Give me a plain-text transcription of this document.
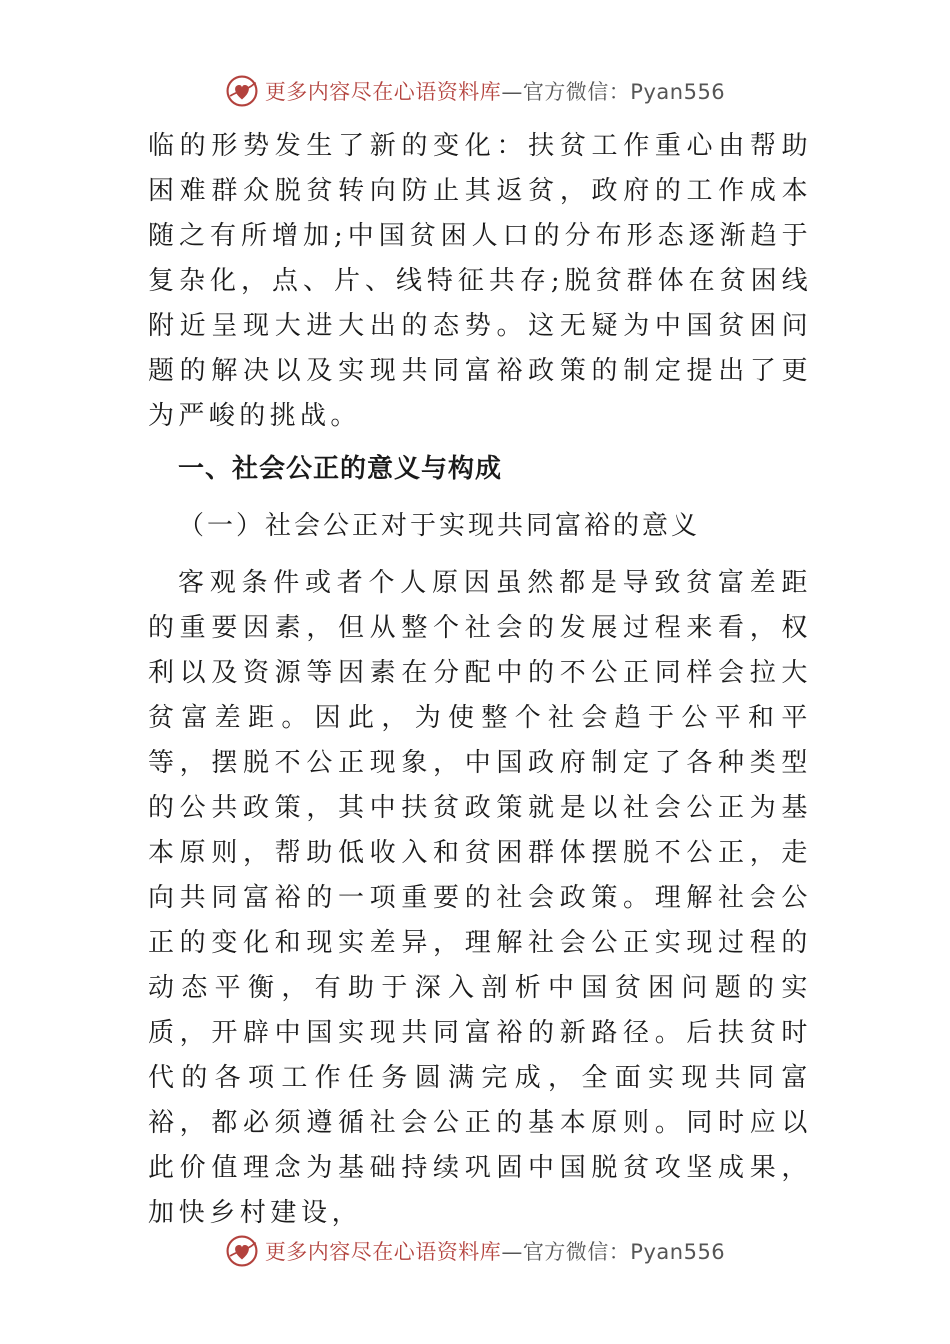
更多内容尽在心语资料库 —官方微信：Pyan556

临的形势发生了新的变化：扶贫工作重心由帮助困难群众脱贫转向防止其返贫，政府的工作成本随之有所增加;中国贫困人口的分布形态逐渐趋于复杂化，点、片、线特征共存;脱贫群体在贫困线附近呈现大进大出的态势。这无疑为中国贫困问题的解决以及实现共同富裕政策的制定提出了更为严峻的挑战。

一、社会公正的意义与构成
（一）社会公正对于实现共同富裕的意义

客观条件或者个人原因虽然都是导致贫富差距的重要因素，但从整个社会的发展过程来看，权利以及资源等因素在分配中的不公正同样会拉大贫富差距。因此，为使整个社会趋于公平和平等，摆脱不公正现象，中国政府制定了各种类型的公共政策，其中扶贫政策就是以社会公正为基本原则，帮助低收入和贫困群体摆脱不公正，走向共同富裕的一项重要的社会政策。理解社会公正的变化和现实差异，理解社会公正实现过程的动态平衡，有助于深入剖析中国贫困问题的实质，开辟中国实现共同富裕的新路径。后扶贫时代的各项工作任务圆满完成，全面实现共同富裕，都必须遵循社会公正的基本原则。同时应以此价值理念为基础持续巩固中国脱贫攻坚成果，加快乡村建设，

更多内容尽在心语资料库 —官方微信：Pyan556
